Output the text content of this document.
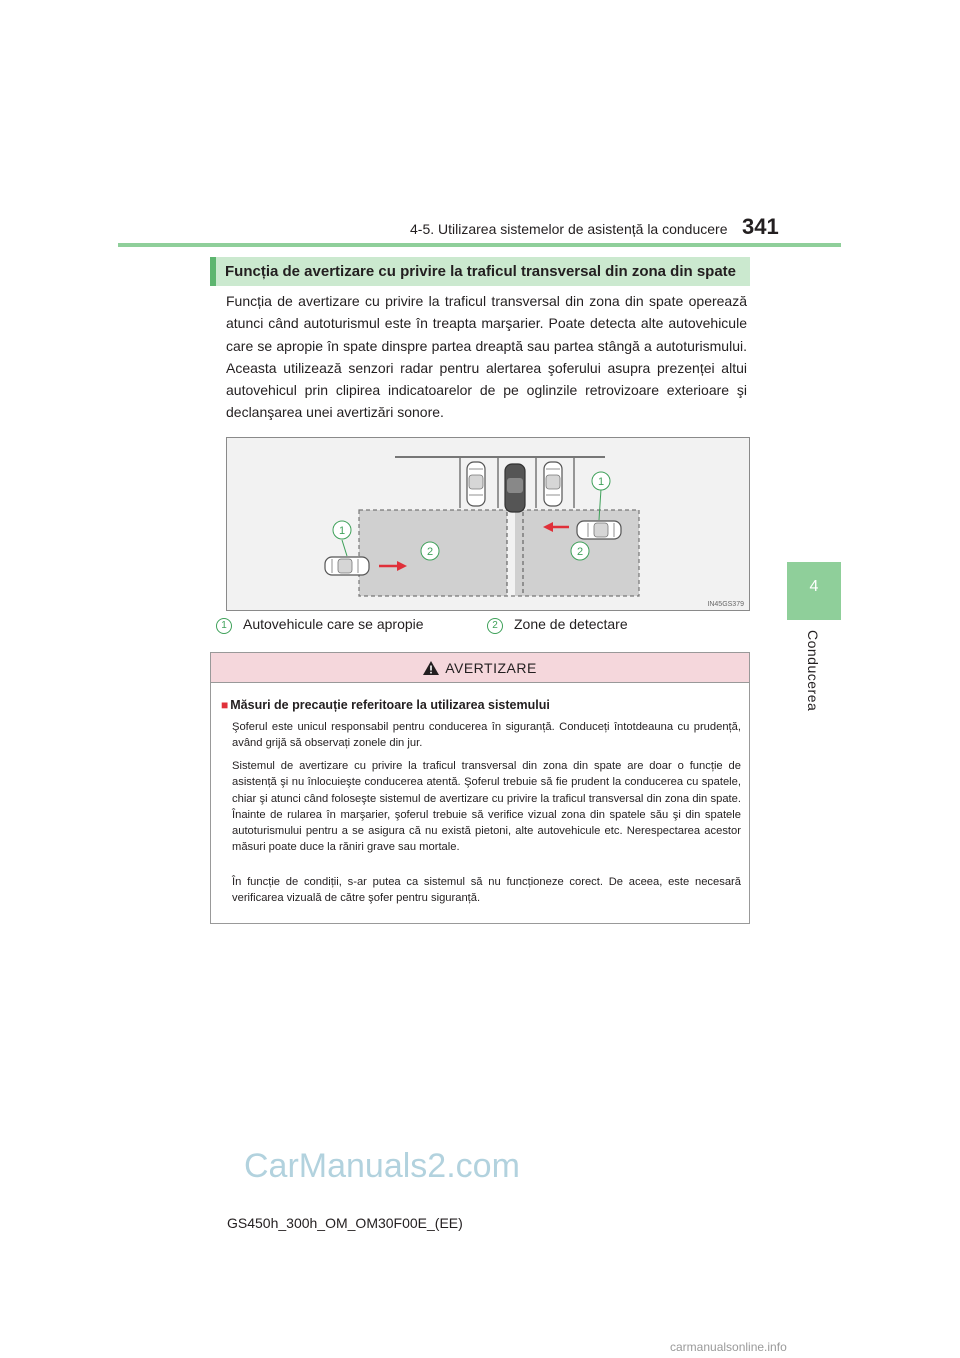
4-5. Utilizarea sistemelor de asistență la conducere 341
4
Conducerea
Funcția de avertizare cu privire la traficul transversal din zona din spate

Funcția de avertizare cu privire la traficul transversal din zona din spate operează atunci când autoturismul este în treapta marşarier. Poate detecta alte autovehicule care se apropie în spate dinspre partea dreaptă sau partea stângă a autoturismului. Aceasta utilizează senzori radar pentru alertarea şoferului asupra prezenței altui autovehicul prin clipirea indicatoarelor de pe oglinzile retrovizoare exterioare şi declanşarea unei avertizări sonore.

1
1
2	2
IN45GS379
1 Autovehicule care se apropie	2 Zone de detectare
AVERTIZARE
■ Măsuri de precauție referitoare la utilizarea sistemului

Şoferul este unicul responsabil pentru conducerea în siguranță. Conduceți întotdeauna cu prudență, având grijă să observați zonele din jur.

Sistemul de avertizare cu privire la traficul transversal din zona din spate are doar o funcție de asistență şi nu înlocuieşte conducerea atentă. Şoferul trebuie să fie prudent la conducerea cu spatele, chiar şi atunci când foloseşte sistemul de avertizare cu privire la traficul transversal din zona din spate. Înainte de rularea în marşarier, şoferul trebuie să verifice vizual zona din spatele său şi din spatele autoturismului pentru a se asigura că nu există pietoni, alte autovehicule etc. Nerespectarea acestor măsuri poate duce la răniri grave sau mortale.

În funcție de condiții, s-ar putea ca sistemul să nu funcționeze corect. De aceea, este necesară verificarea vizuală de către şofer pentru siguranță.

CarManuals2.com
GS450h_300h_OM_OM30F00E_(EE)
carmanualsonline.info
